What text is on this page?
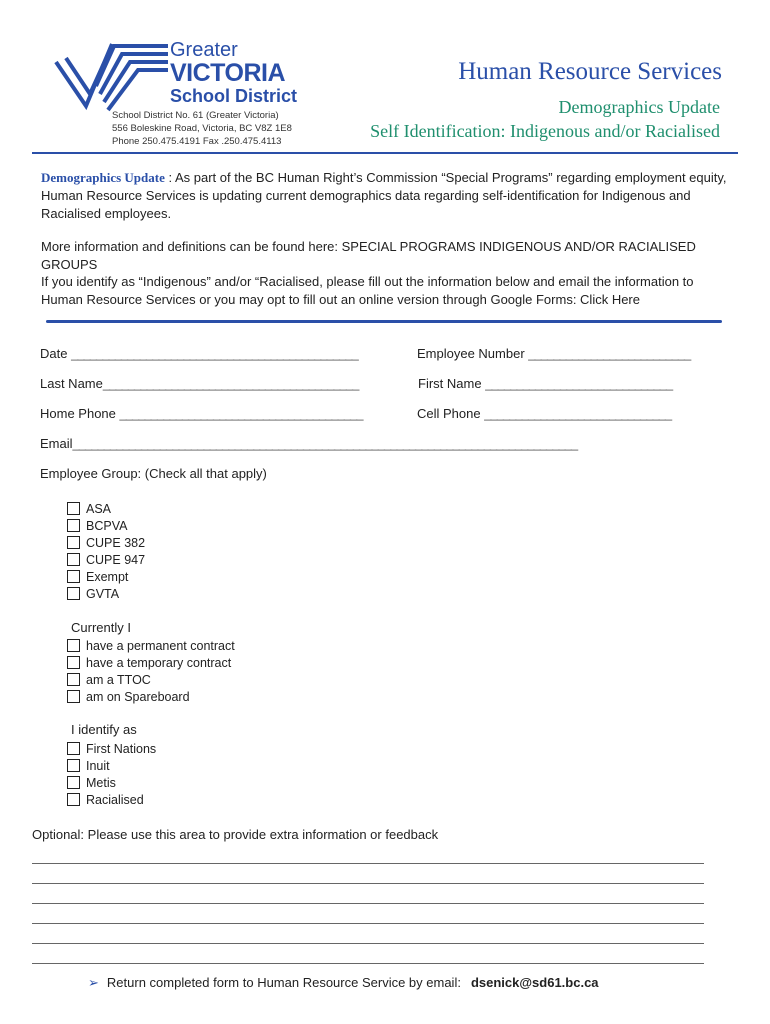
Greater
VICTORIA
School District
School District No. 61 (Greater Victoria)
556 Boleskine Road, Victoria, BC V8Z 1E8
Phone 250.475.4191 Fax .250.475.4113
Human Resource Services
Demographics Update
Self Identification: Indigenous and/or Racialised
Demographics Update : As part of the BC Human Right’s Commission “Special Programs” regarding employment equity, Human Resource Services is updating current demographics data regarding self-identification for Indigenous and Racialised employees.
More information and definitions can be found here: SPECIAL PROGRAMS INDIGENOUS AND/OR RACIALISED GROUPS
If you identify as “Indigenous” and/or “Racialised, please fill out the information below and email the information to Human Resource Services or you may opt to fill out an online version through Google Forms: Click Here
Date ______________________________________________	Employee Number __________________________
Last Name_________________________________________	First Name ______________________________
Home Phone _______________________________________	Cell Phone ______________________________
Email_________________________________________________________________________________
Employee Group: (Check all that apply)
ASA
BCPVA
CUPE 382
CUPE 947
Exempt
GVTA
Currently I
have a permanent contract
have a temporary contract
am a TTOC
am on Spareboard
I identify as
First Nations
Inuit
Metis
Racialised
Optional: Please use this area to provide extra information or feedback
➢ Return completed form to Human Resource Service by email: dsenick@sd61.bc.ca
